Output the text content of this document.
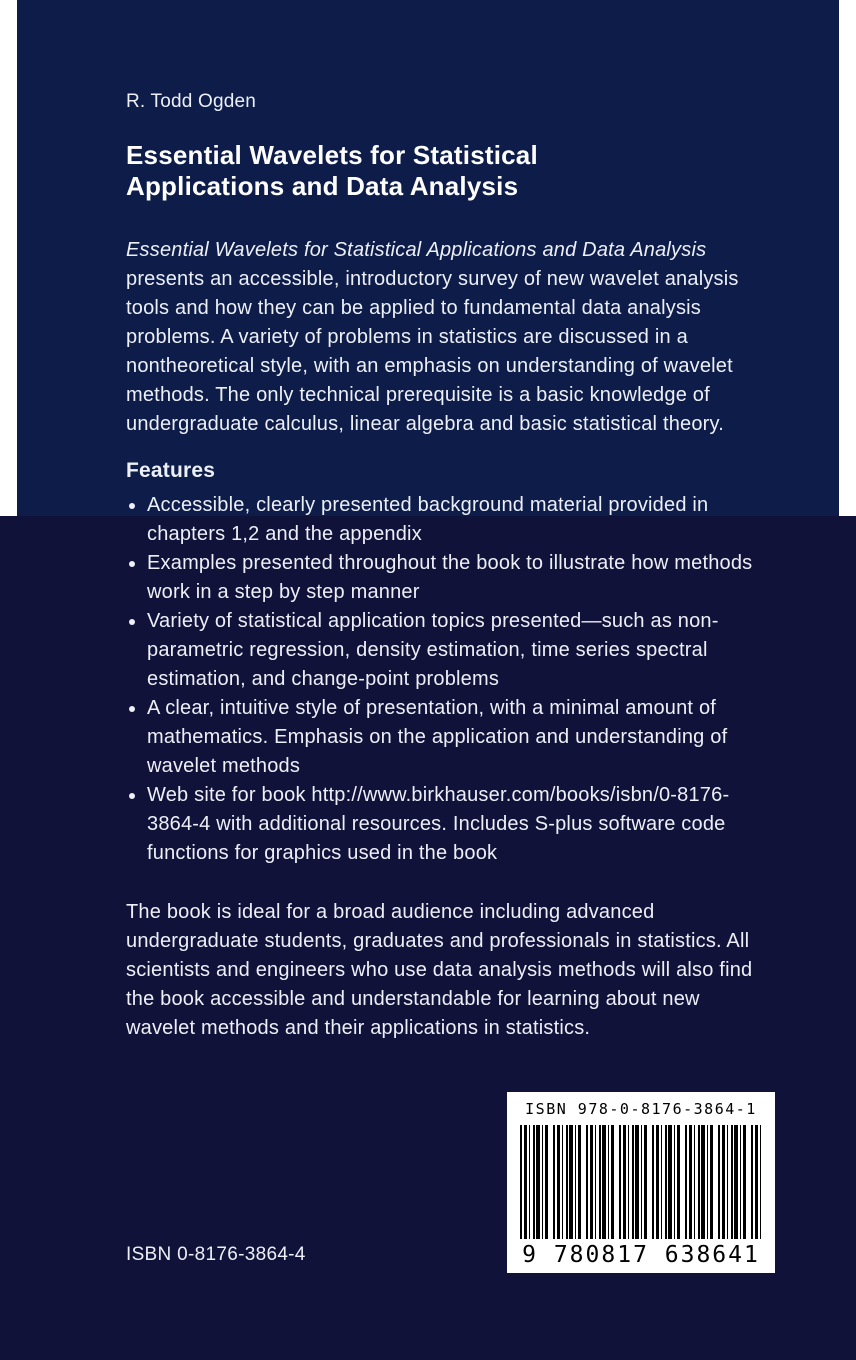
R. Todd Ogden
Essential Wavelets for Statistical
Applications and Data Analysis

Essential Wavelets for Statistical Applications and Data Analysis presents an accessible, introductory survey of new wavelet analysis tools and how they can be applied to fundamental data analysis problems. A variety of problems in statistics are discussed in a nontheoretical style, with an emphasis on understanding of wavelet methods. The only technical prerequisite is a basic knowledge of undergraduate calculus, linear algebra and basic statistical theory.

Features
• Accessible, clearly presented background material provided in chapters 1,2 and the appendix
• Examples presented throughout the book to illustrate how methods work in a step by step manner
• Variety of statistical application topics presented—such as non-parametric regression, density estimation, time series spectral estimation, and change-point problems
• A clear, intuitive style of presentation, with a minimal amount of mathematics. Emphasis on the application and understanding of wavelet methods
• Web site for book http://www.birkhauser.com/books/isbn/0-8176-3864-4 with additional resources. Includes S-plus software code functions for graphics used in the book

The book is ideal for a broad audience including advanced undergraduate students, graduates and professionals in statistics. All scientists and engineers who use data analysis methods will also find the book accessible and understandable for learning about new wavelet methods and their applications in statistics.

ISBN 0-8176-3864-4
ISBN 978-0-8176-3864-1
9 780817 638641
